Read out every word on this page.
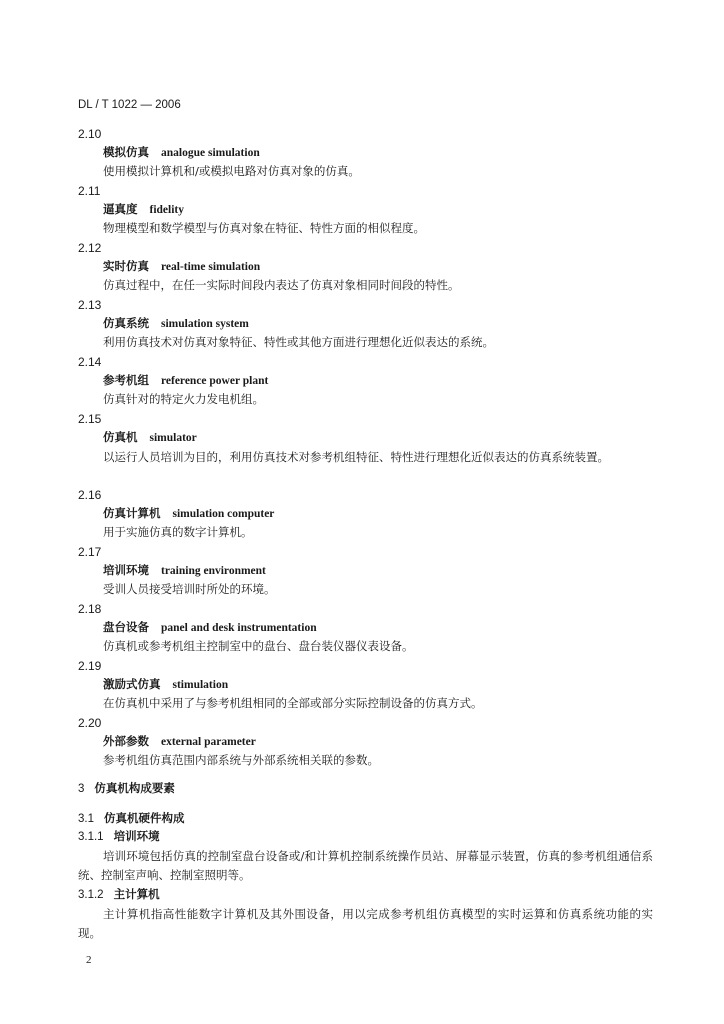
DL / T 1022 — 2006
2.10
模拟仿真 analogue simulation
使用模拟计算机和/或模拟电路对仿真对象的仿真。
2.11
逼真度 fidelity
物理模型和数学模型与仿真对象在特征、特性方面的相似程度。
2.12
实时仿真 real-time simulation
仿真过程中，在任一实际时间段内表达了仿真对象相同时间段的特性。
2.13
仿真系统 simulation system
利用仿真技术对仿真对象特征、特性或其他方面进行理想化近似表达的系统。
2.14
参考机组 reference power plant
仿真针对的特定火力发电机组。
2.15
仿真机 simulator
以运行人员培训为目的，利用仿真技术对参考机组特征、特性进行理想化近似表达的仿真系统装置。
2.16
仿真计算机 simulation computer
用于实施仿真的数字计算机。
2.17
培训环境 training environment
受训人员接受培训时所处的环境。
2.18
盘台设备 panel and desk instrumentation
仿真机或参考机组主控制室中的盘台、盘台装仪器仪表设备。
2.19
激励式仿真 stimulation
在仿真机中采用了与参考机组相同的全部或部分实际控制设备的仿真方式。
2.20
外部参数 external parameter
参考机组仿真范围内部系统与外部系统相关联的参数。
3 仿真机构成要素
3.1 仿真机硬件构成
3.1.1 培训环境
培训环境包括仿真的控制室盘台设备或/和计算机控制系统操作员站、屏幕显示装置，仿真的参考机组通信系统、控制室声响、控制室照明等。
3.1.2 主计算机
主计算机指高性能数字计算机及其外围设备，用以完成参考机组仿真模型的实时运算和仿真系统功能的实现。
2
